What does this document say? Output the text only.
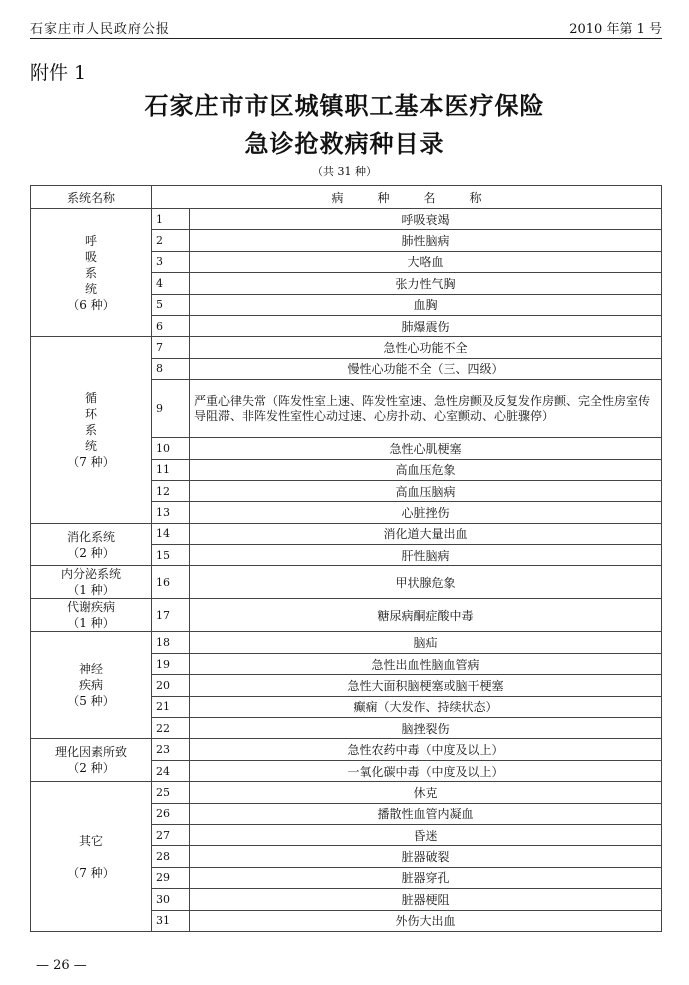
石家庄市人民政府公报	2010 年第 1 号
附件 1
石家庄市市区城镇职工基本医疗保险
急诊抢救病种目录
（共 31 种）
系统名称	病种名称	

呼
吸
系
统
（6 种）	1	呼吸衰竭
	2	肺性脑病
	3	大咯血
	4	张力性气胸
	5	血胸
	6	肺爆震伤

循
环
系
统
（7 种）	7	急性心功能不全
	8	慢性心功能不全（三、四级）
	9	严重心律失常（阵发性室上速、阵发性室速、急性房颤及反复发作房颤、完全性房室传导阻滞、非阵发性室性心动过速、心房扑动、心室颤动、心脏骤停）
	10	急性心肌梗塞
	11	高血压危象
	12	高血压脑病
	13	心脏挫伤

消化系统
（2 种）	14	消化道大量出血
	15	肝性脑病

内分泌系统
（1 种）	16	甲状腺危象

代谢疾病
（1 种）	17	糖尿病酮症酸中毒

神经
疾病
（5 种）	18	脑疝
	19	急性出血性脑血管病
	20	急性大面积脑梗塞或脑干梗塞
	21	癫痫（大发作、持续状态）
	22	脑挫裂伤

理化因素所致
（2 种）	23	急性农药中毒（中度及以上）
	24	一氧化碳中毒（中度及以上）

其它

（7 种）	25	休克
	26	播散性血管内凝血
	27	昏迷
	28	脏器破裂
	29	脏器穿孔
	30	脏器梗阻
	31	外伤大出血
— 26 —
